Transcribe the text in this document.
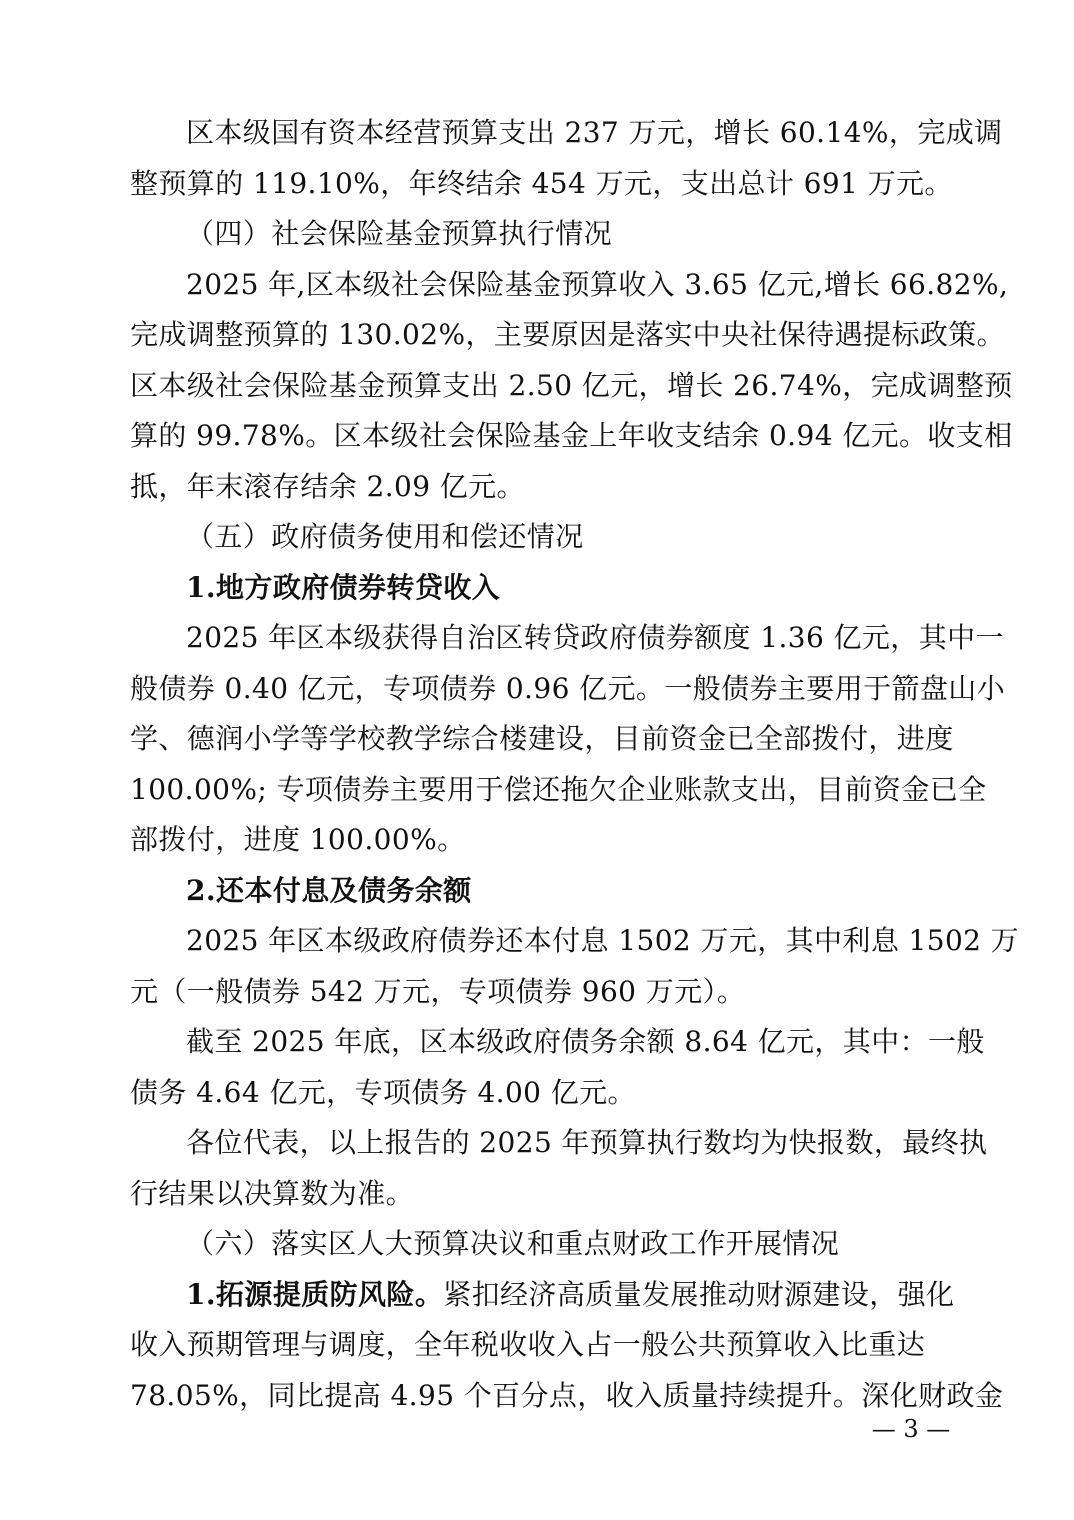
区本级国有资本经营预算支出 237 万元，增长 60.14%，完成调
整预算的 119.10%，年终结余 454 万元，支出总计 691 万元。
（四）社会保险基金预算执行情况
2025 年,区本级社会保险基金预算收入 3.65 亿元,增长 66.82%,
完成调整预算的 130.02%，主要原因是落实中央社保待遇提标政策。
区本级社会保险基金预算支出 2.50 亿元，增长 26.74%，完成调整预
算的 99.78%。区本级社会保险基金上年收支结余 0.94 亿元。收支相
抵，年末滚存结余 2.09 亿元。
（五）政府债务使用和偿还情况
1.地方政府债券转贷收入
2025 年区本级获得自治区转贷政府债券额度 1.36 亿元，其中一
般债券 0.40 亿元，专项债券 0.96 亿元。一般债券主要用于箭盘山小
学、德润小学等学校教学综合楼建设，目前资金已全部拨付，进度
100.00%; 专项债券主要用于偿还拖欠企业账款支出，目前资金已全
部拨付，进度 100.00%。
2.还本付息及债务余额
2025 年区本级政府债券还本付息 1502 万元，其中利息 1502 万
元（一般债券 542 万元，专项债券 960 万元）。
截至 2025 年底，区本级政府债务余额 8.64 亿元，其中：一般
债务 4.64 亿元，专项债务 4.00 亿元。
各位代表，以上报告的 2025 年预算执行数均为快报数，最终执
行结果以决算数为准。
（六）落实区人大预算决议和重点财政工作开展情况
1.拓源提质防风险。紧扣经济高质量发展推动财源建设，强化
收入预期管理与调度，全年税收收入占一般公共预算收入比重达
78.05%，同比提高 4.95 个百分点，收入质量持续提升。深化财政金
— 3 —
